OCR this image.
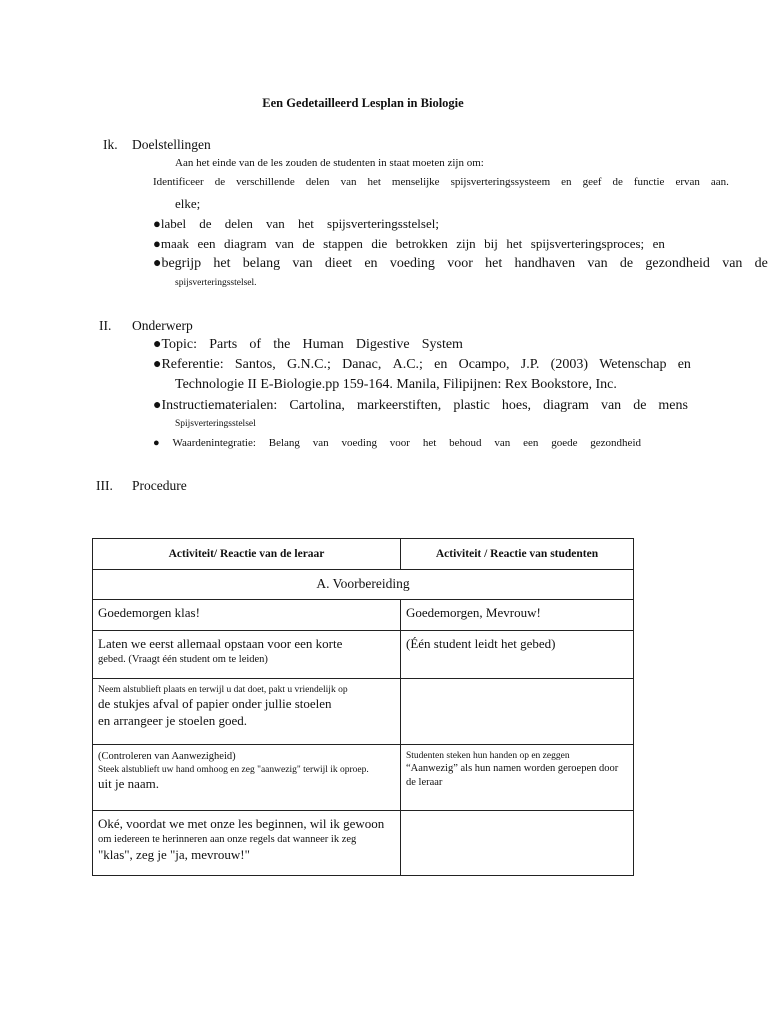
Een Gedetailleerd Lesplan in Biologie
Ik. Doelstellingen
Aan het einde van de les zouden de studenten in staat moeten zijn om:
Identificeer de verschillende delen van het menselijke spijsverteringssysteem en geef de functie ervan aan.
elke;
●label de delen van het spijsverteringsstelsel;
●maak een diagram van de stappen die betrokken zijn bij het spijsverteringsproces; en
●begrijp het belang van dieet en voeding voor het handhaven van de gezondheid van de
spijsverteringsstelsel.
II. Onderwerp
●Topic: Parts of the Human Digestive System
●Referentie: Santos, G.N.C.; Danac, A.C.; en Ocampo, J.P. (2003) Wetenschap en
Technologie II E-Biologie.pp 159-164. Manila, Filipijnen: Rex Bookstore, Inc.
●Instructiematerialen: Cartolina, markeerstiften, plastic hoes, diagram van de mens
Spijsverteringsstelsel
● Waardenintegratie: Belang van voeding voor het behoud van een goede gezondheid
III. Procedure
Activiteit/ Reactie van de leraar	Activiteit / Reactie van studenten
A. Voorbereiding	

Goedemorgen klas!	Goedemorgen, Mevrouw!

Laten we eerst allemaal opstaan voor een korte
gebed. (Vraagt één student om te leiden)	(Één student leidt het gebed)

Neem alstublieft plaats en terwijl u dat doet, pakt u vriendelijk op
de stukjes afval of papier onder jullie stoelen
en arrangeer je stoelen goed.	

(Controleren van Aanwezigheid)
Steek alstublieft uw hand omhoog en zeg "aanwezig" terwijl ik oproep.
uit je naam.	Studenten steken hun handen op en zeggen
“Aanwezig” als hun namen worden geroepen door de leraar

Oké, voordat we met onze les beginnen, wil ik gewoon
om iedereen te herinneren aan onze regels dat wanneer ik zeg
"klas", zeg je "ja, mevrouw!"	
